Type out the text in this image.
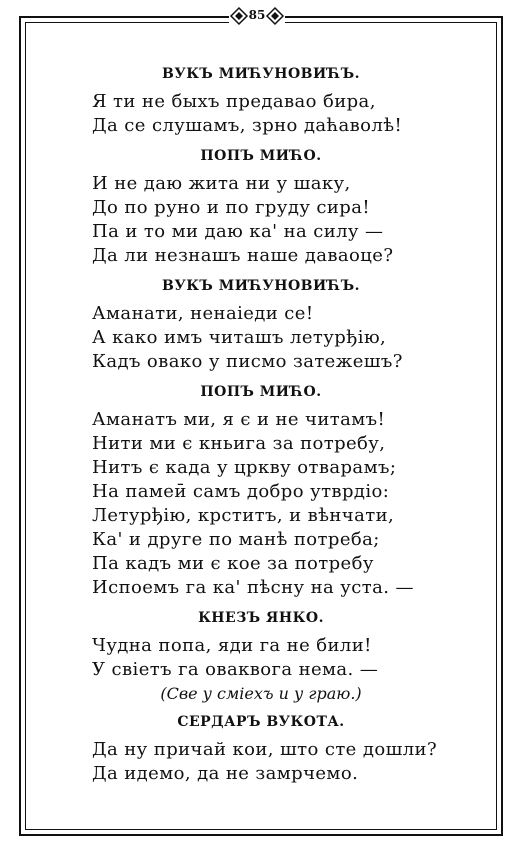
85
ВУКЪ МИЋУНОВИЋЪ.
Я ти не быхъ предавао бира,
Да се слушамъ, зрно даћаволѣ!
ПОПЪ МИЋО.
И не даю жита ни у шаку,
До по руно и по груду сира!
Па и то ми даю ка' на силу —
Да ли незнашъ наше даваоце?
ВУКЪ МИЋУНОВИЋЪ.
Аманати, ненаіеди се!
А како имъ читашъ летурђію,
Кадъ овако у писмо затежешъ?
ПОПЪ МИЋО.
Аманатъ ми, я є и не читамъ!
Нити ми є кньига за потребу,
Нитъ є када у цркву отварамъ;
На памеӣ самъ добро утврдіо:
Летурђію, крститъ, и вѣнчати,
Ка' и друге по манѣ потреба;
Па кадъ ми є кое за потребу
Испоемъ га ка' пѣсну на уста. —
КНЕЗЪ ЯНКО.
Чудна попа, яди га не били!
У свіетъ га оваквога нема. —
(Све у сміехъ и у граю.)
СЕРДАРЪ ВУКОТА.
Да ну причай кои, што сте дошли?
Да идемо, да не замрчемо.
